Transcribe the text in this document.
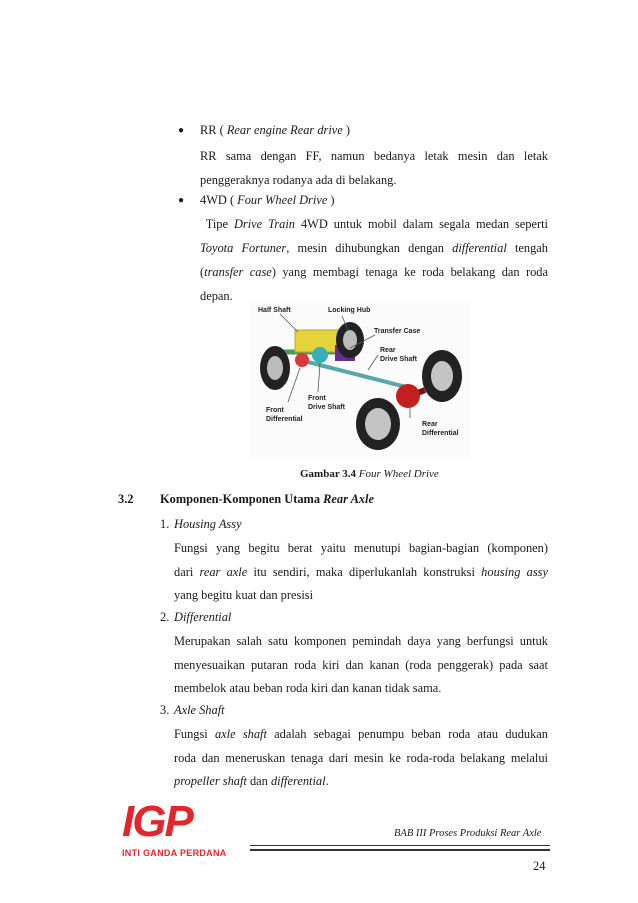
● RR ( Rear engine Rear drive )
RR sama dengan FF, namun bedanya letak mesin dan letak
penggeraknya rodanya ada di belakang.
● 4WD ( Four Wheel Drive )
Tipe Drive Train 4WD untuk mobil dalam segala medan seperti
Toyota Fortuner, mesin dihubungkan dengan differential tengah
(transfer case) yang membagi tenaga ke roda belakang dan roda
depan.
Half Shaft	Locking Hub
Transfer Case
Rear
Drive Shaft
Front
Drive Shaft
Front
Differential
Rear
Differential
Gambar 3.4 Four Wheel Drive
3.2 Komponen-Komponen Utama Rear Axle
1. Housing Assy
Fungsi yang begitu berat yaitu menutupi bagian-bagian (komponen)
dari rear axle itu sendiri, maka diperlukanlah konstruksi housing assy
yang begitu kuat dan presisi
2. Differential
Merupakan salah satu komponen pemindah daya yang berfungsi untuk
menyesuaikan putaran roda kiri dan kanan (roda penggerak) pada saat
membelok atau beban roda kiri dan kanan tidak sama.
3. Axle Shaft
Fungsi axle shaft adalah sebagai penumpu beban roda atau dudukan
roda dan meneruskan tenaga dari mesin ke roda-roda belakang melalui
propeller shaft dan differential.
IGP
INTI GANDA PERDANA
BAB III Proses Produksi Rear Axle
24
